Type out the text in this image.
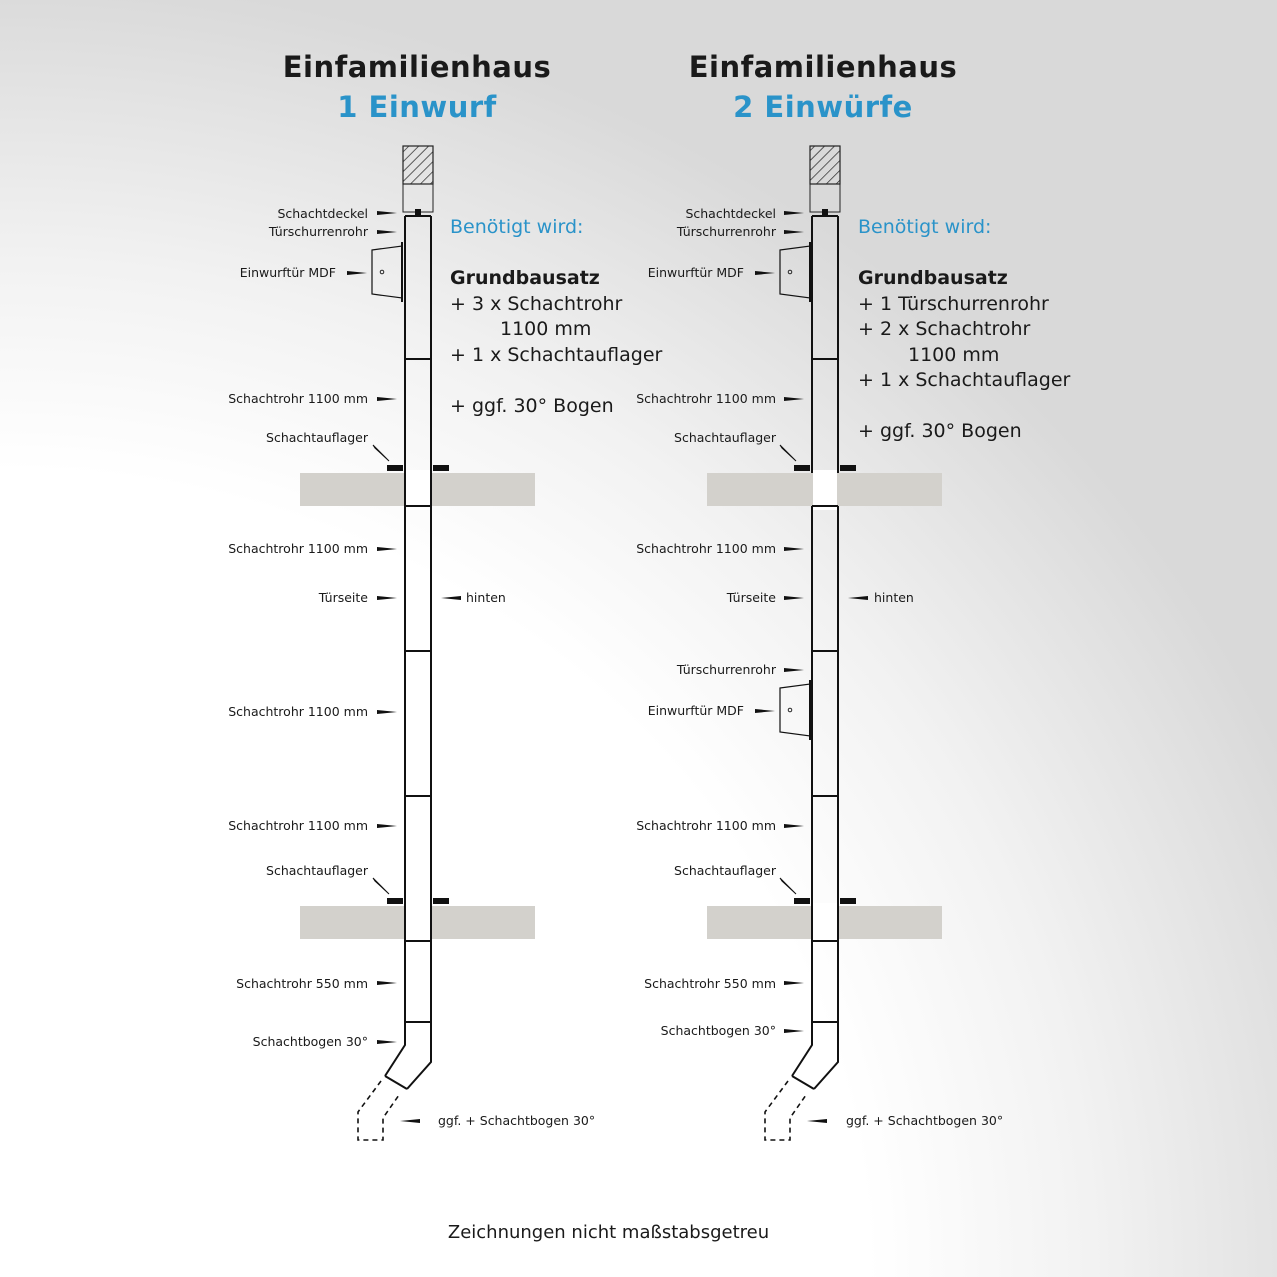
Einfamilienhaus
1 Einwurf
Einfamilienhaus
2 Einwürfe
Benötigt wird:
Grundbausatz
+ 3 x Schachtrohr
1100 mm
+ 1 x Schachtauflager

+ ggf. 30° Bogen
Benötigt wird:
Grundbausatz
+ 1 Türschurrenrohr
+ 2 x Schachtrohr
1100 mm
+ 1 x Schachtauflager

+ ggf. 30° Bogen
Schachtdeckel
Türschurrenrohr
Einwurftür MDF
Schachtrohr 1100 mm
Schachtauflager
Schachtrohr 1100 mm
Türseite	hinten
Schachtrohr 1100 mm
Schachtrohr 1100 mm
Schachtauflager
Schachtrohr 550 mm
Schachtbogen 30°
ggf. + Schachtbogen 30°
Schachtdeckel
Türschurrenrohr
Einwurftür MDF
Schachtrohr 1100 mm
Schachtauflager
Schachtrohr 1100 mm
Türseite	hinten
Türschurrenrohr
Einwurftür MDF
Schachtrohr 1100 mm
Schachtauflager
Schachtrohr 550 mm
Schachtbogen 30°
ggf. + Schachtbogen 30°
Zeichnungen nicht maßstabsgetreu
